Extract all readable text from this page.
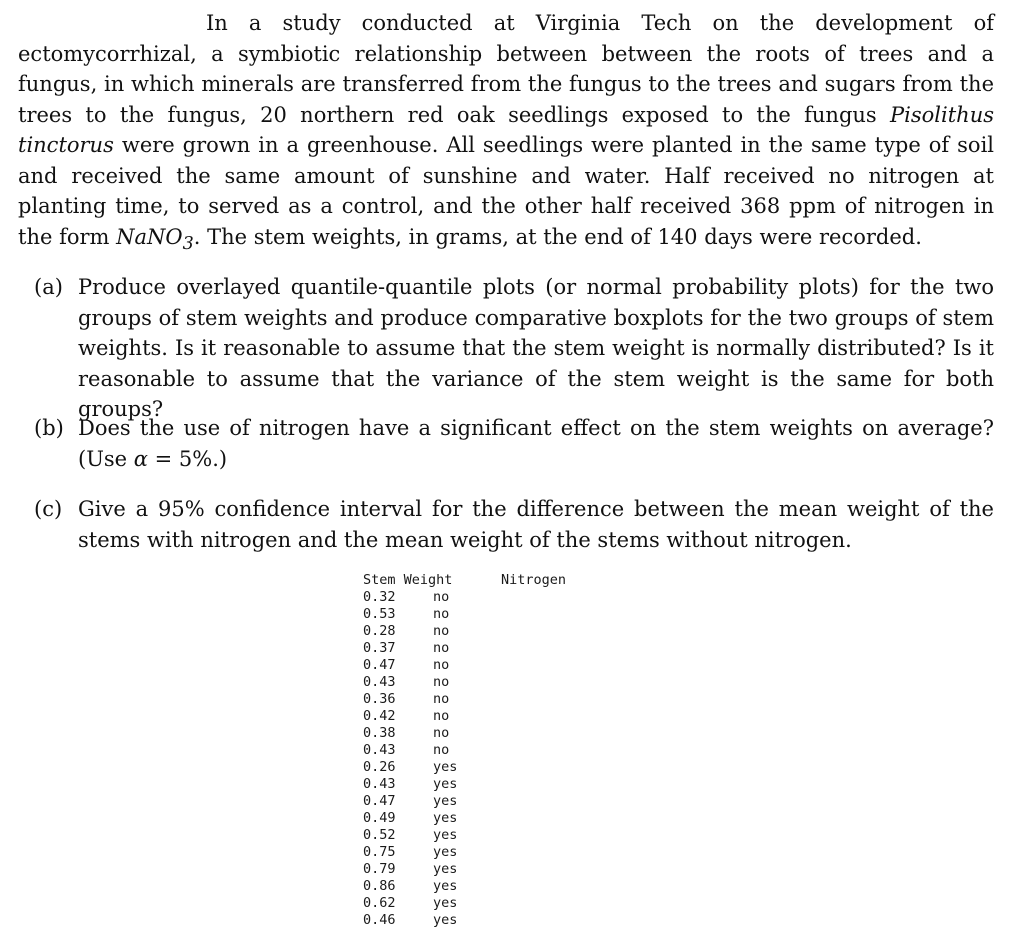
In a study conducted at Virginia Tech on the development of ectomycorrhizal, a symbiotic relationship between between the roots of trees and a fungus, in which minerals are transferred from the fungus to the trees and sugars from the trees to the fungus, 20 northern red oak seedlings exposed to the fungus Pisolithus tinctorus were grown in a greenhouse. All seedlings were planted in the same type of soil and received the same amount of sunshine and water. Half received no nitrogen at planting time, to served as a control, and the other half received 368 ppm of nitrogen in the form NaNO$_3$. The stem weights, in grams, at the end of 140 days were recorded.

(a) Produce overlayed quantile-quantile plots (or normal probability plots) for the two groups of stem weights and produce comparative boxplots for the two groups of stem weights. Is it reasonable to assume that the stem weight is normally distributed? Is it reasonable to assume that the variance of the stem weight is the same for both groups?
(b) Does the use of nitrogen have a significant effect on the stem weights on average? (Use α = 5%.)
(c) Give a 95% confidence interval for the difference between the mean weight of the stems with nitrogen and the mean weight of the stems without nitrogen.
Stem Weight	Nitrogen
0.32	no
0.53	no
0.28	no
0.37	no
0.47	no
0.43	no
0.36	no
0.42	no
0.38	no
0.43	no
0.26	yes
0.43	yes
0.47	yes
0.49	yes
0.52	yes
0.75	yes
0.79	yes
0.86	yes
0.62	yes
0.46	yes
